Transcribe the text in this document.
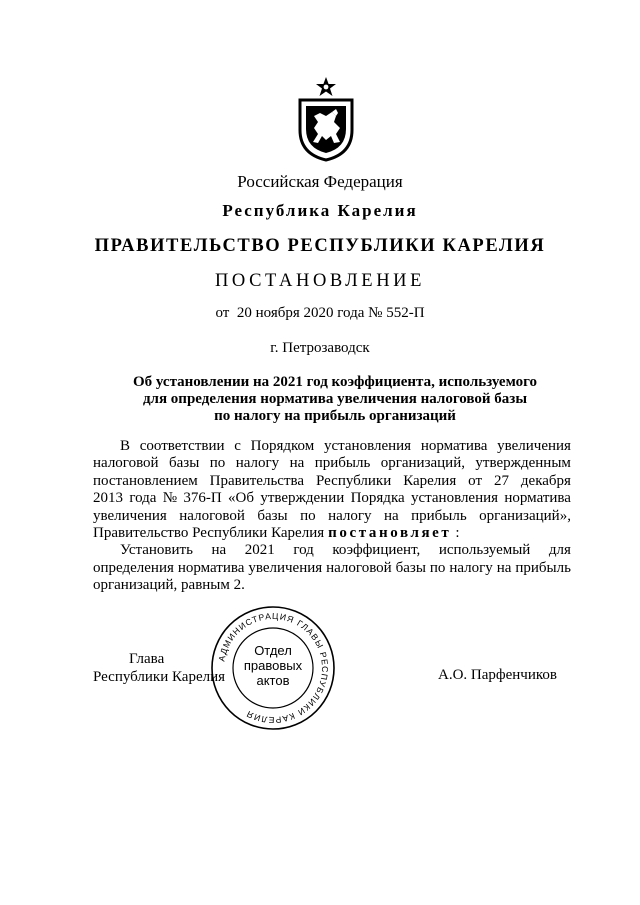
Российская Федерация
Республика Карелия
ПРАВИТЕЛЬСТВО РЕСПУБЛИКИ КАРЕЛИЯ
ПОСТАНОВЛЕНИЕ
от  20 ноября 2020 года № 552-П
г. Петрозаводск
Об установлении на 2021 год коэффициента, используемого
для определения норматива увеличения налоговой базы
по налогу на прибыль организаций
В соответствии с Порядком установления норматива увеличения
налоговой базы по налогу на прибыль организаций, утвержденным
постановлением Правительства Республики Карелия от 27 декабря
2013 года № 376-П «Об утверждении Порядка установления норматива
увеличения налоговой базы по налогу на прибыль организаций»,
Правительство Республики Карелия постановляет :
Установить на 2021 год коэффициент, используемый для
определения норматива увеличения налоговой базы по налогу на прибыль
организаций, равным 2.
Глава
Республики Карелия	А.О. Парфенчиков
АДМИНИСТРАЦИЯ ГЛАВЫ РЕСПУБЛИКИ КАРЕЛИЯ
Отдел
правовых
актов
